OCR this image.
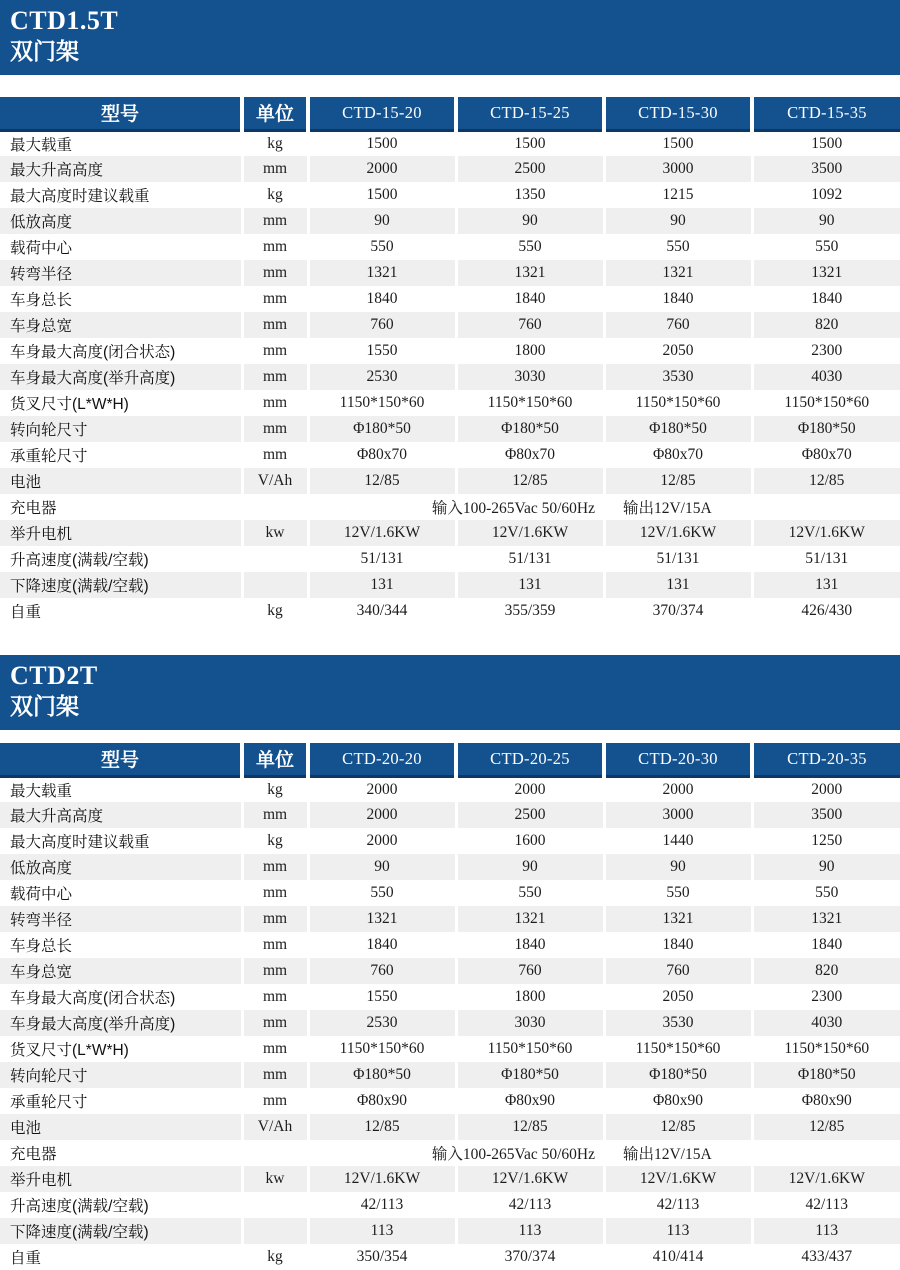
CTD1.5T
双门架
型号	单位	CTD-15-20	CTD-15-25	CTD-15-30	CTD-15-35
最大载重	kg	1500	1500	1500	1500
最大升高高度	mm	2000	2500	3000	3500
最大高度时建议载重	kg	1500	1350	1215	1092
低放高度	mm	90	90	90	90
载荷中心	mm	550	550	550	550
转弯半径	mm	1321	1321	1321	1321
车身总长	mm	1840	1840	1840	1840
车身总宽	mm	760	760	760	820
车身最大高度(闭合状态)	mm	1550	1800	2050	2300
车身最大高度(举升高度)	mm	2530	3030	3530	4030
货叉尺寸(L*W*H)	mm	1150*150*60	1150*150*60	1150*150*60	1150*150*60
转向轮尺寸	mm	Φ180*50	Φ180*50	Φ180*50	Φ180*50
承重轮尺寸	mm	Φ80x70	Φ80x70	Φ80x70	Φ80x70
电池	V/Ah	12/85	12/85	12/85	12/85
充电器	输入100-265Vac 50/60Hz 输出12V/15A				
举升电机	kw	12V/1.6KW	12V/1.6KW	12V/1.6KW	12V/1.6KW
升高速度(满载/空载)		51/131	51/131	51/131	51/131
下降速度(满载/空载)		131	131	131	131
自重	kg	340/344	355/359	370/374	426/430
CTD2T
双门架
型号	单位	CTD-20-20	CTD-20-25	CTD-20-30	CTD-20-35
最大载重	kg	2000	2000	2000	2000
最大升高高度	mm	2000	2500	3000	3500
最大高度时建议载重	kg	2000	1600	1440	1250
低放高度	mm	90	90	90	90
载荷中心	mm	550	550	550	550
转弯半径	mm	1321	1321	1321	1321
车身总长	mm	1840	1840	1840	1840
车身总宽	mm	760	760	760	820
车身最大高度(闭合状态)	mm	1550	1800	2050	2300
车身最大高度(举升高度)	mm	2530	3030	3530	4030
货叉尺寸(L*W*H)	mm	1150*150*60	1150*150*60	1150*150*60	1150*150*60
转向轮尺寸	mm	Φ180*50	Φ180*50	Φ180*50	Φ180*50
承重轮尺寸	mm	Φ80x90	Φ80x90	Φ80x90	Φ80x90
电池	V/Ah	12/85	12/85	12/85	12/85
充电器	输入100-265Vac 50/60Hz 输出12V/15A				
举升电机	kw	12V/1.6KW	12V/1.6KW	12V/1.6KW	12V/1.6KW
升高速度(满载/空载)		42/113	42/113	42/113	42/113
下降速度(满载/空载)		113	113	113	113
自重	kg	350/354	370/374	410/414	433/437
